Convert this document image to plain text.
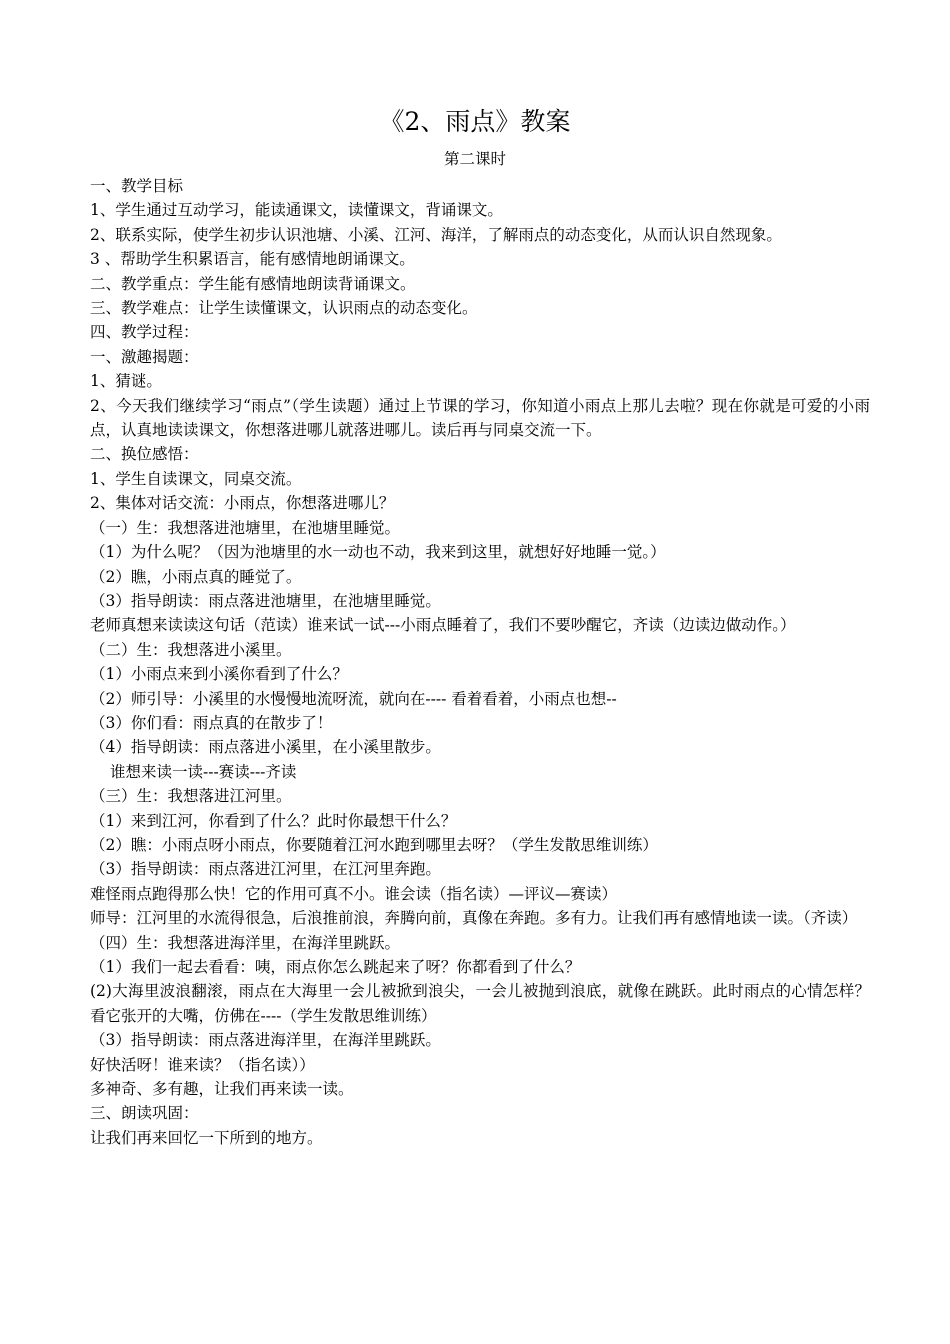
《2、雨点》教案
第二课时

一、教学目标

1、学生通过互动学习，能读通课文，读懂课文，背诵课文。

2、联系实际，使学生初步认识池塘、小溪、江河、海洋，了解雨点的动态变化，从而认识自然现象。

3 、帮助学生积累语言，能有感情地朗诵课文。

二、教学重点：学生能有感情地朗读背诵课文。

三、教学难点：让学生读懂课文，认识雨点的动态变化。

四、教学过程：

一、激趣揭题：

1、猜谜。

2、今天我们继续学习“雨点”（学生读题）通过上节课的学习，你知道小雨点上那儿去啦？现在你就是可爱的小雨点，认真地读读课文，你想落进哪儿就落进哪儿。读后再与同桌交流一下。

二、换位感悟：

1、学生自读课文，同桌交流。

2、集体对话交流：小雨点，你想落进哪儿？

（一）生：我想落进池塘里，在池塘里睡觉。

（1）为什么呢？（因为池塘里的水一动也不动，我来到这里，就想好好地睡一觉。）

（2）瞧，小雨点真的睡觉了。

（3）指导朗读：雨点落进池塘里，在池塘里睡觉。

老师真想来读读这句话（范读）谁来试一试---小雨点睡着了，我们不要吵醒它，齐读（边读边做动作。）

（二）生：我想落进小溪里。

（1）小雨点来到小溪你看到了什么？

（2）师引导：小溪里的水慢慢地流呀流，就向在---- 看着看着，小雨点也想--

（3）你们看：雨点真的在散步了！

（4）指导朗读：雨点落进小溪里，在小溪里散步。

谁想来读一读---赛读---齐读

（三）生：我想落进江河里。

（1）来到江河，你看到了什么？此时你最想干什么？

（2）瞧：小雨点呀小雨点，你要随着江河水跑到哪里去呀？（学生发散思维训练）

（3）指导朗读：雨点落进江河里，在江河里奔跑。

难怪雨点跑得那么快！它的作用可真不小。谁会读（指名读）—评议—赛读）

师导：江河里的水流得很急，后浪推前浪，奔腾向前，真像在奔跑。多有力。让我们再有感情地读一读。（齐读）

（四）生：我想落进海洋里，在海洋里跳跃。

（1）我们一起去看看：咦，雨点你怎么跳起来了呀？你都看到了什么？

(2)大海里波浪翻滚，雨点在大海里一会儿被掀到浪尖，一会儿被抛到浪底，就像在跳跃。此时雨点的心情怎样？看它张开的大嘴，仿佛在----（学生发散思维训练）

（3）指导朗读：雨点落进海洋里，在海洋里跳跃。

好快活呀！谁来读？（指名读））

多神奇、多有趣，让我们再来读一读。

三、朗读巩固：

让我们再来回忆一下所到的地方。
